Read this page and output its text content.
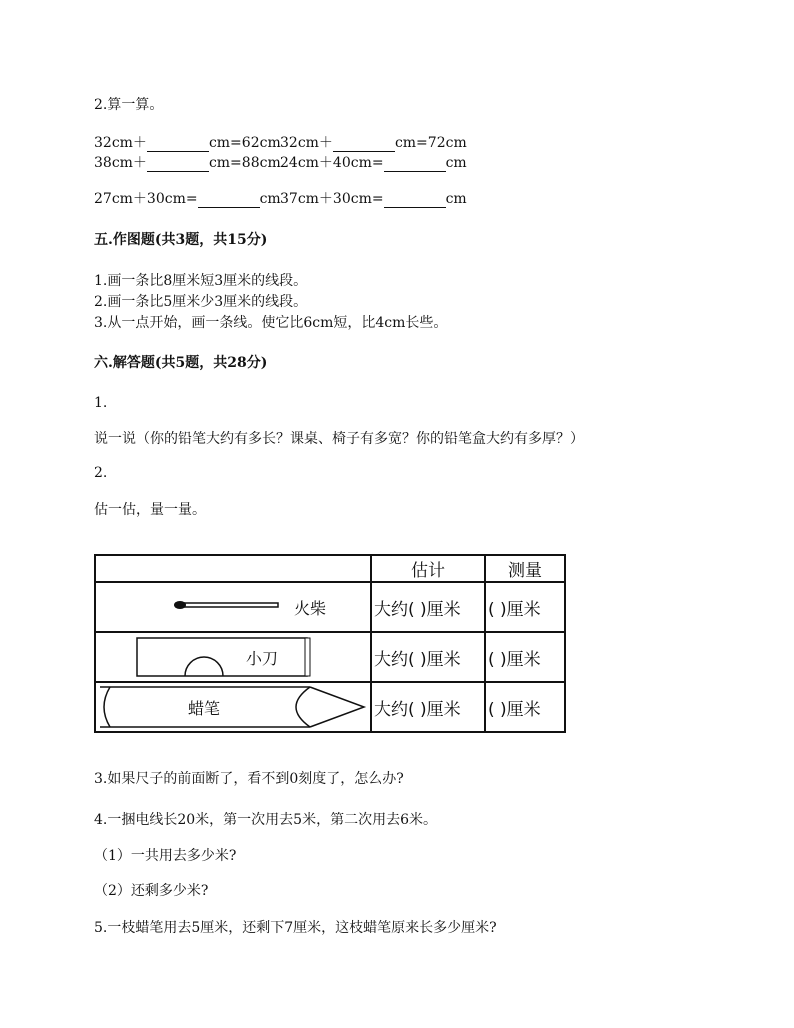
2.算一算。
32cm＋	cm=62cm 32cm＋	cm=72cm
38cm＋	cm=88cm 24cm＋40cm=	cm
27cm＋30cm=	cm 37cm＋30cm=	cm
五.作图题(共3题，共15分)
1.画一条比8厘米短3厘米的线段。
2.画一条比5厘米少3厘米的线段。
3.从一点开始，画一条线。使它比6cm短，比4cm长些。
六.解答题(共5题，共28分)
1.
说一说（你的铅笔大约有多长？课桌、椅子有多宽？你的铅笔盒大约有多厚？）
2.
估一估，量一量。
	估计	测量

火柴	大约( )厘米	( )厘米

小刀	大约( )厘米	( )厘米

蜡笔	大约( )厘米	( )厘米
3.如果尺子的前面断了，看不到0刻度了，怎么办?
4.一捆电线长20米，第一次用去5米，第二次用去6米。
（1）一共用去多少米?
（2）还剩多少米?
5.一枝蜡笔用去5厘米，还剩下7厘米，这枝蜡笔原来长多少厘米?
